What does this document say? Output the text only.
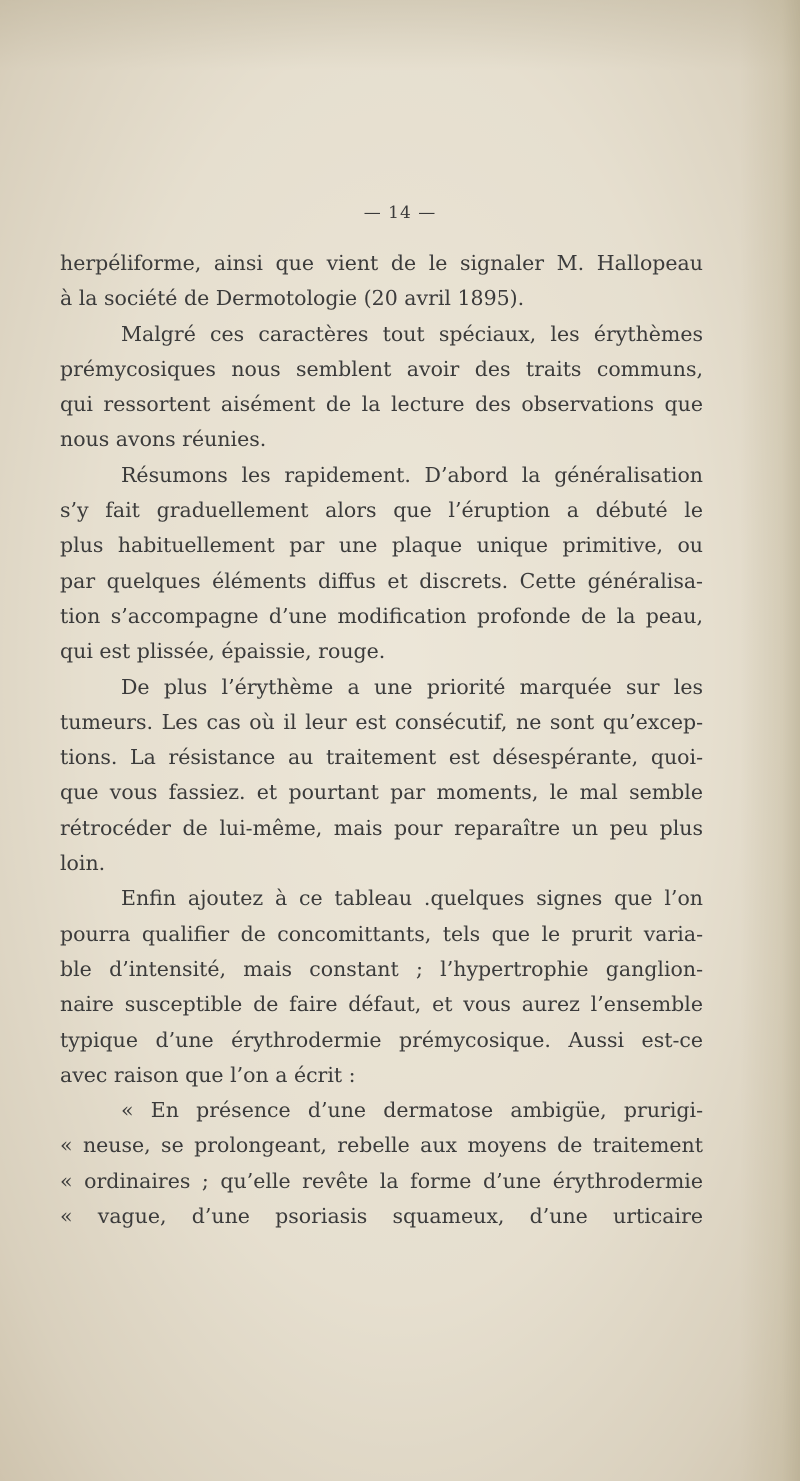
— 14 —
herpéliforme, ainsi que vient de le signaler M. Hallopeau
à la société de Dermotologie (20 avril 1895).
Malgré ces caractères tout spéciaux, les érythèmes
prémycosiques nous semblent avoir des traits communs,
qui ressortent aisément de la lecture des observations que
nous avons réunies.
Résumons les rapidement. D’abord la généralisation
s’y fait graduellement alors que l’éruption a débuté le
plus habituellement par une plaque unique primitive, ou
par quelques éléments diffus et discrets. Cette généralisa-
tion s’accompagne d’une modification profonde de la peau,
qui est plissée, épaissie, rouge.
De plus l’érythème a une priorité marquée sur les
tumeurs. Les cas où il leur est consécutif, ne sont qu’excep-
tions. La résistance au traitement est désespérante, quoi-
que vous fassiez. et pourtant par moments, le mal semble
rétrocéder de lui-même, mais pour reparaître un peu plus
loin.
Enfin ajoutez à ce tableau .quelques signes que l’on
pourra qualifier de concomittants, tels que le prurit varia-
ble d’intensité, mais constant ; l’hypertrophie ganglion-
naire susceptible de faire défaut, et vous aurez l’ensemble
typique d’une érythrodermie prémycosique. Aussi est-ce
avec raison que l’on a écrit :
« En présence d’une dermatose ambigüe, prurigi-
« neuse, se prolongeant, rebelle aux moyens de traitement
« ordinaires ; qu’elle revête la forme d’une érythrodermie
« vague, d’une psoriasis squameux, d’une urticaire
